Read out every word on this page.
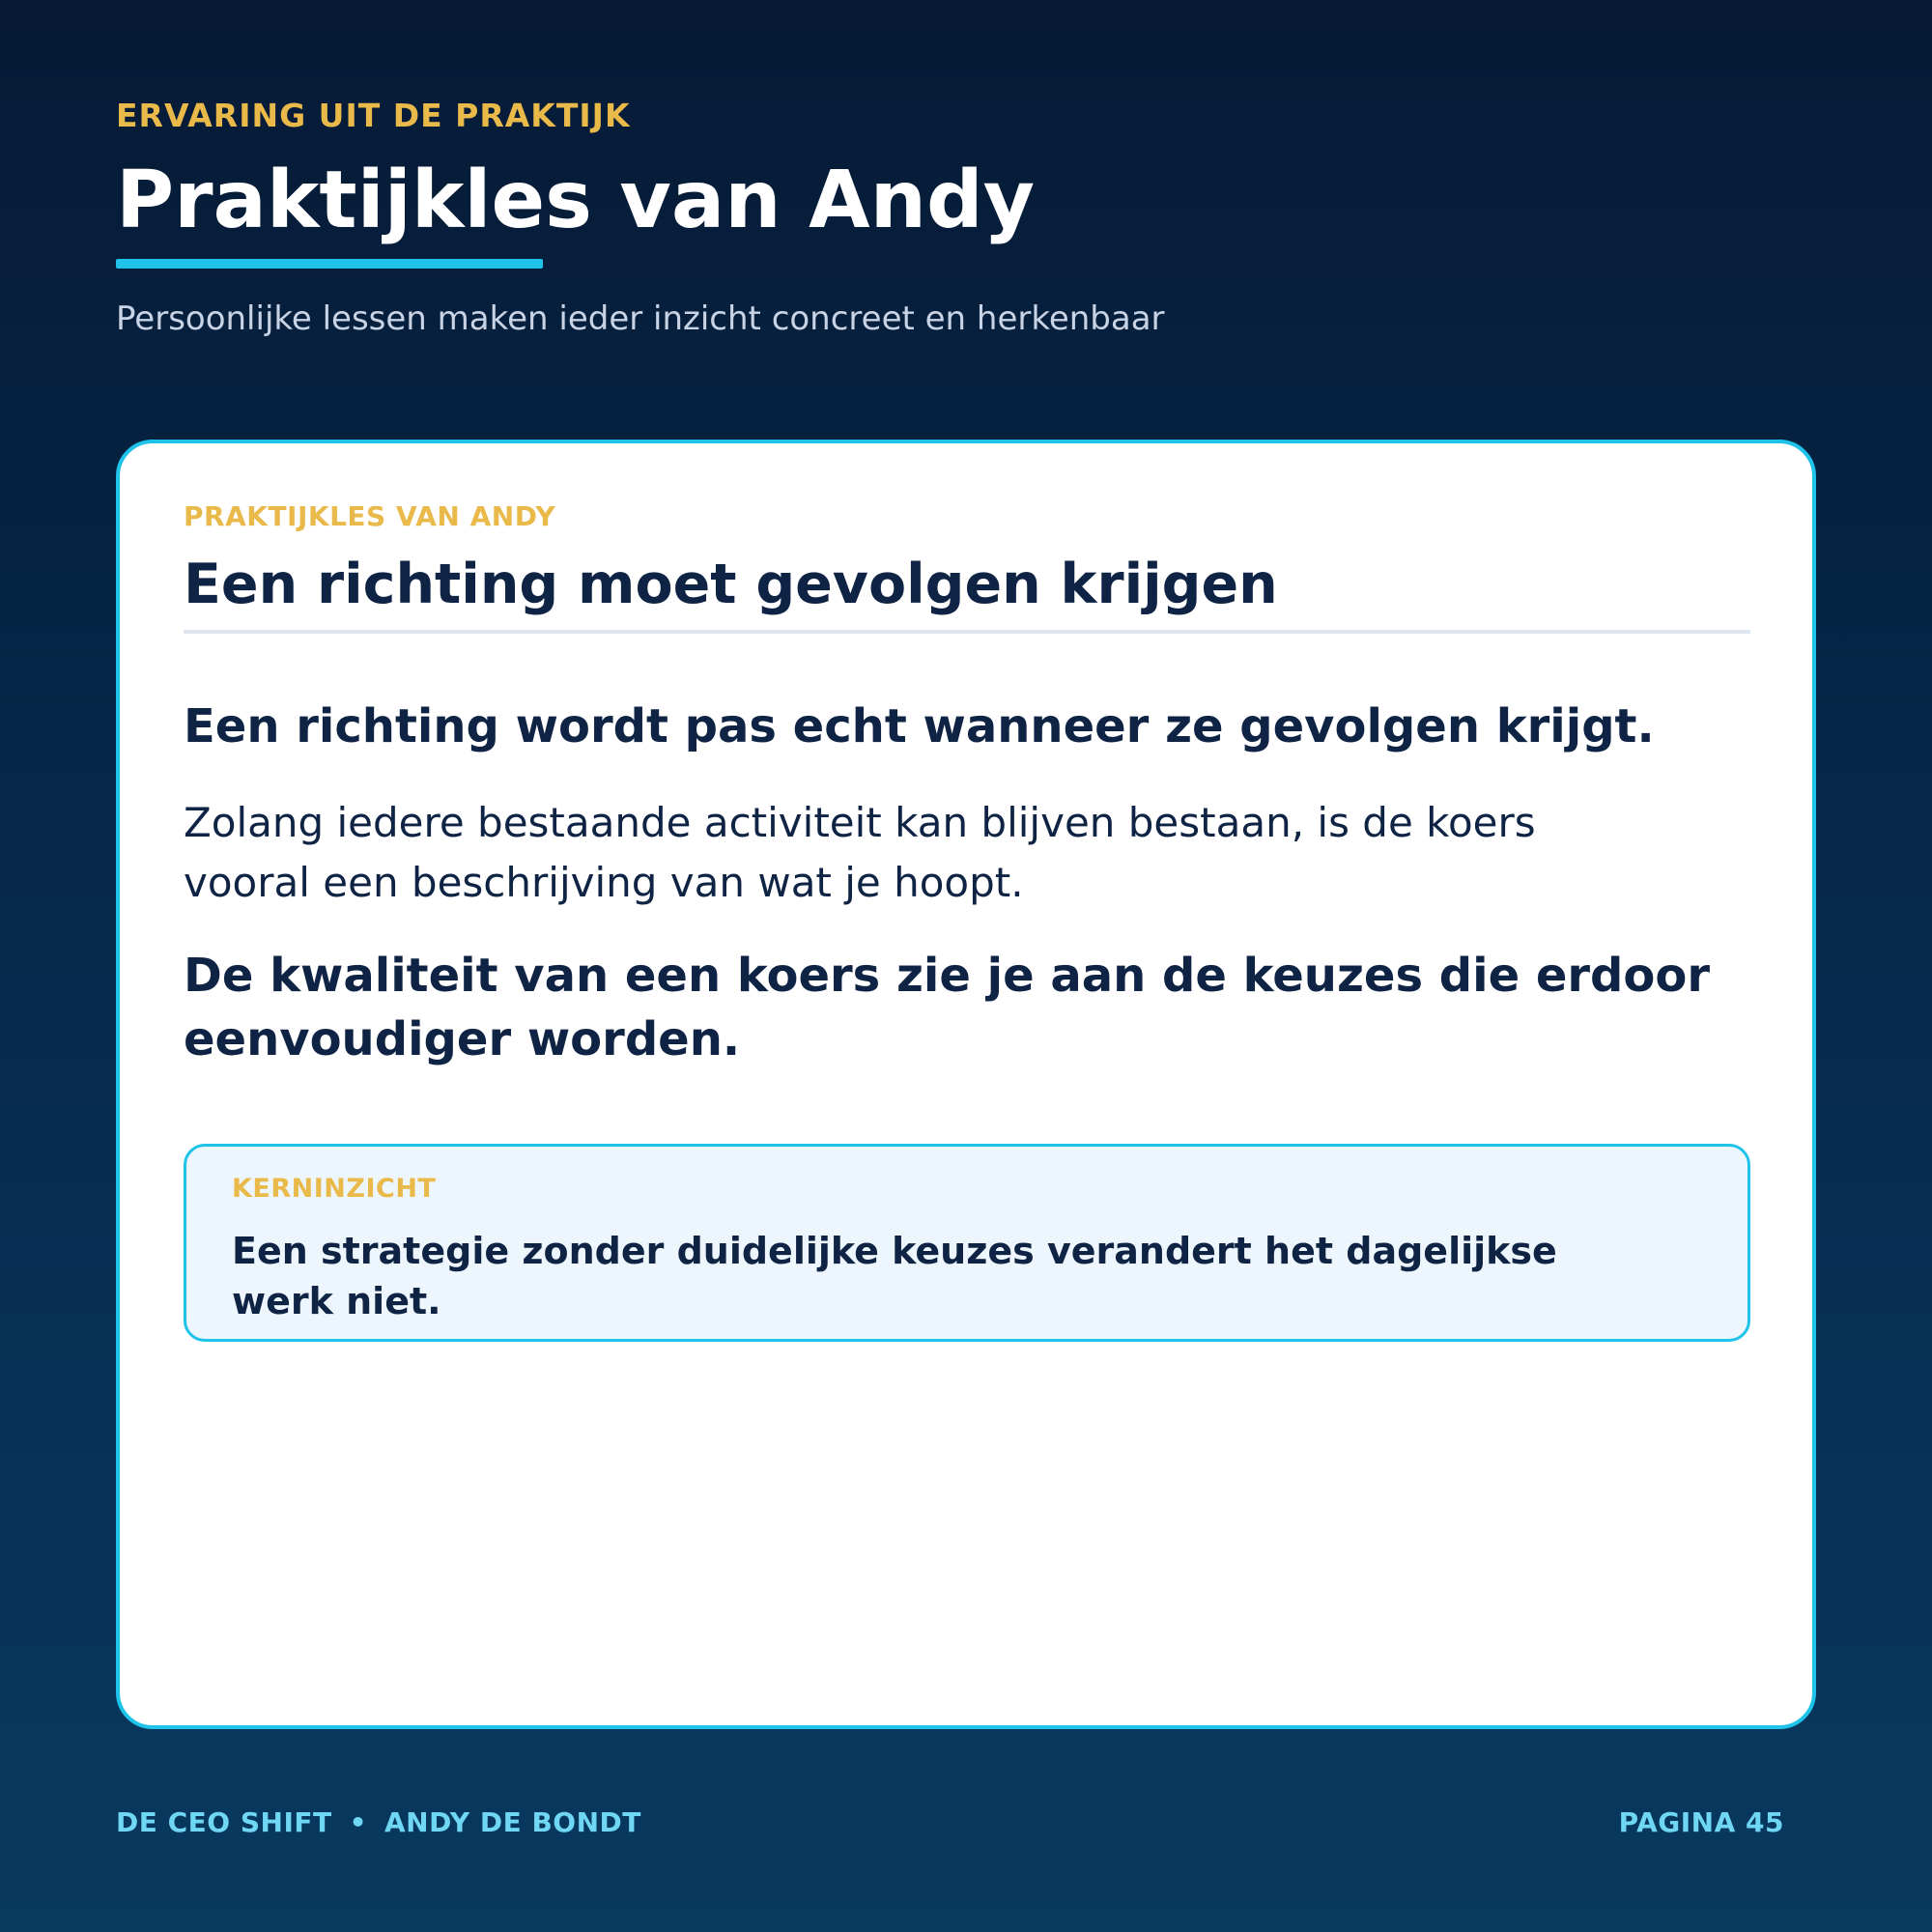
ERVARING UIT DE PRAKTIJK
Praktijkles van Andy

Persoonlijke lessen maken ieder inzicht concreet en herkenbaar

PRAKTIJKLES VAN ANDY
Een richting moet gevolgen krijgen

Een richting wordt pas echt wanneer ze gevolgen krijgt.

Zolang iedere bestaande activiteit kan blijven bestaan, is de koers vooral een beschrijving van wat je hoopt.

De kwaliteit van een koers zie je aan de keuzes die erdoor eenvoudiger worden.

KERNINZICHT

Een strategie zonder duidelijke keuzes verandert het dagelijkse werk niet.

DE CEO SHIFT • ANDY DE BONDT	PAGINA 45
